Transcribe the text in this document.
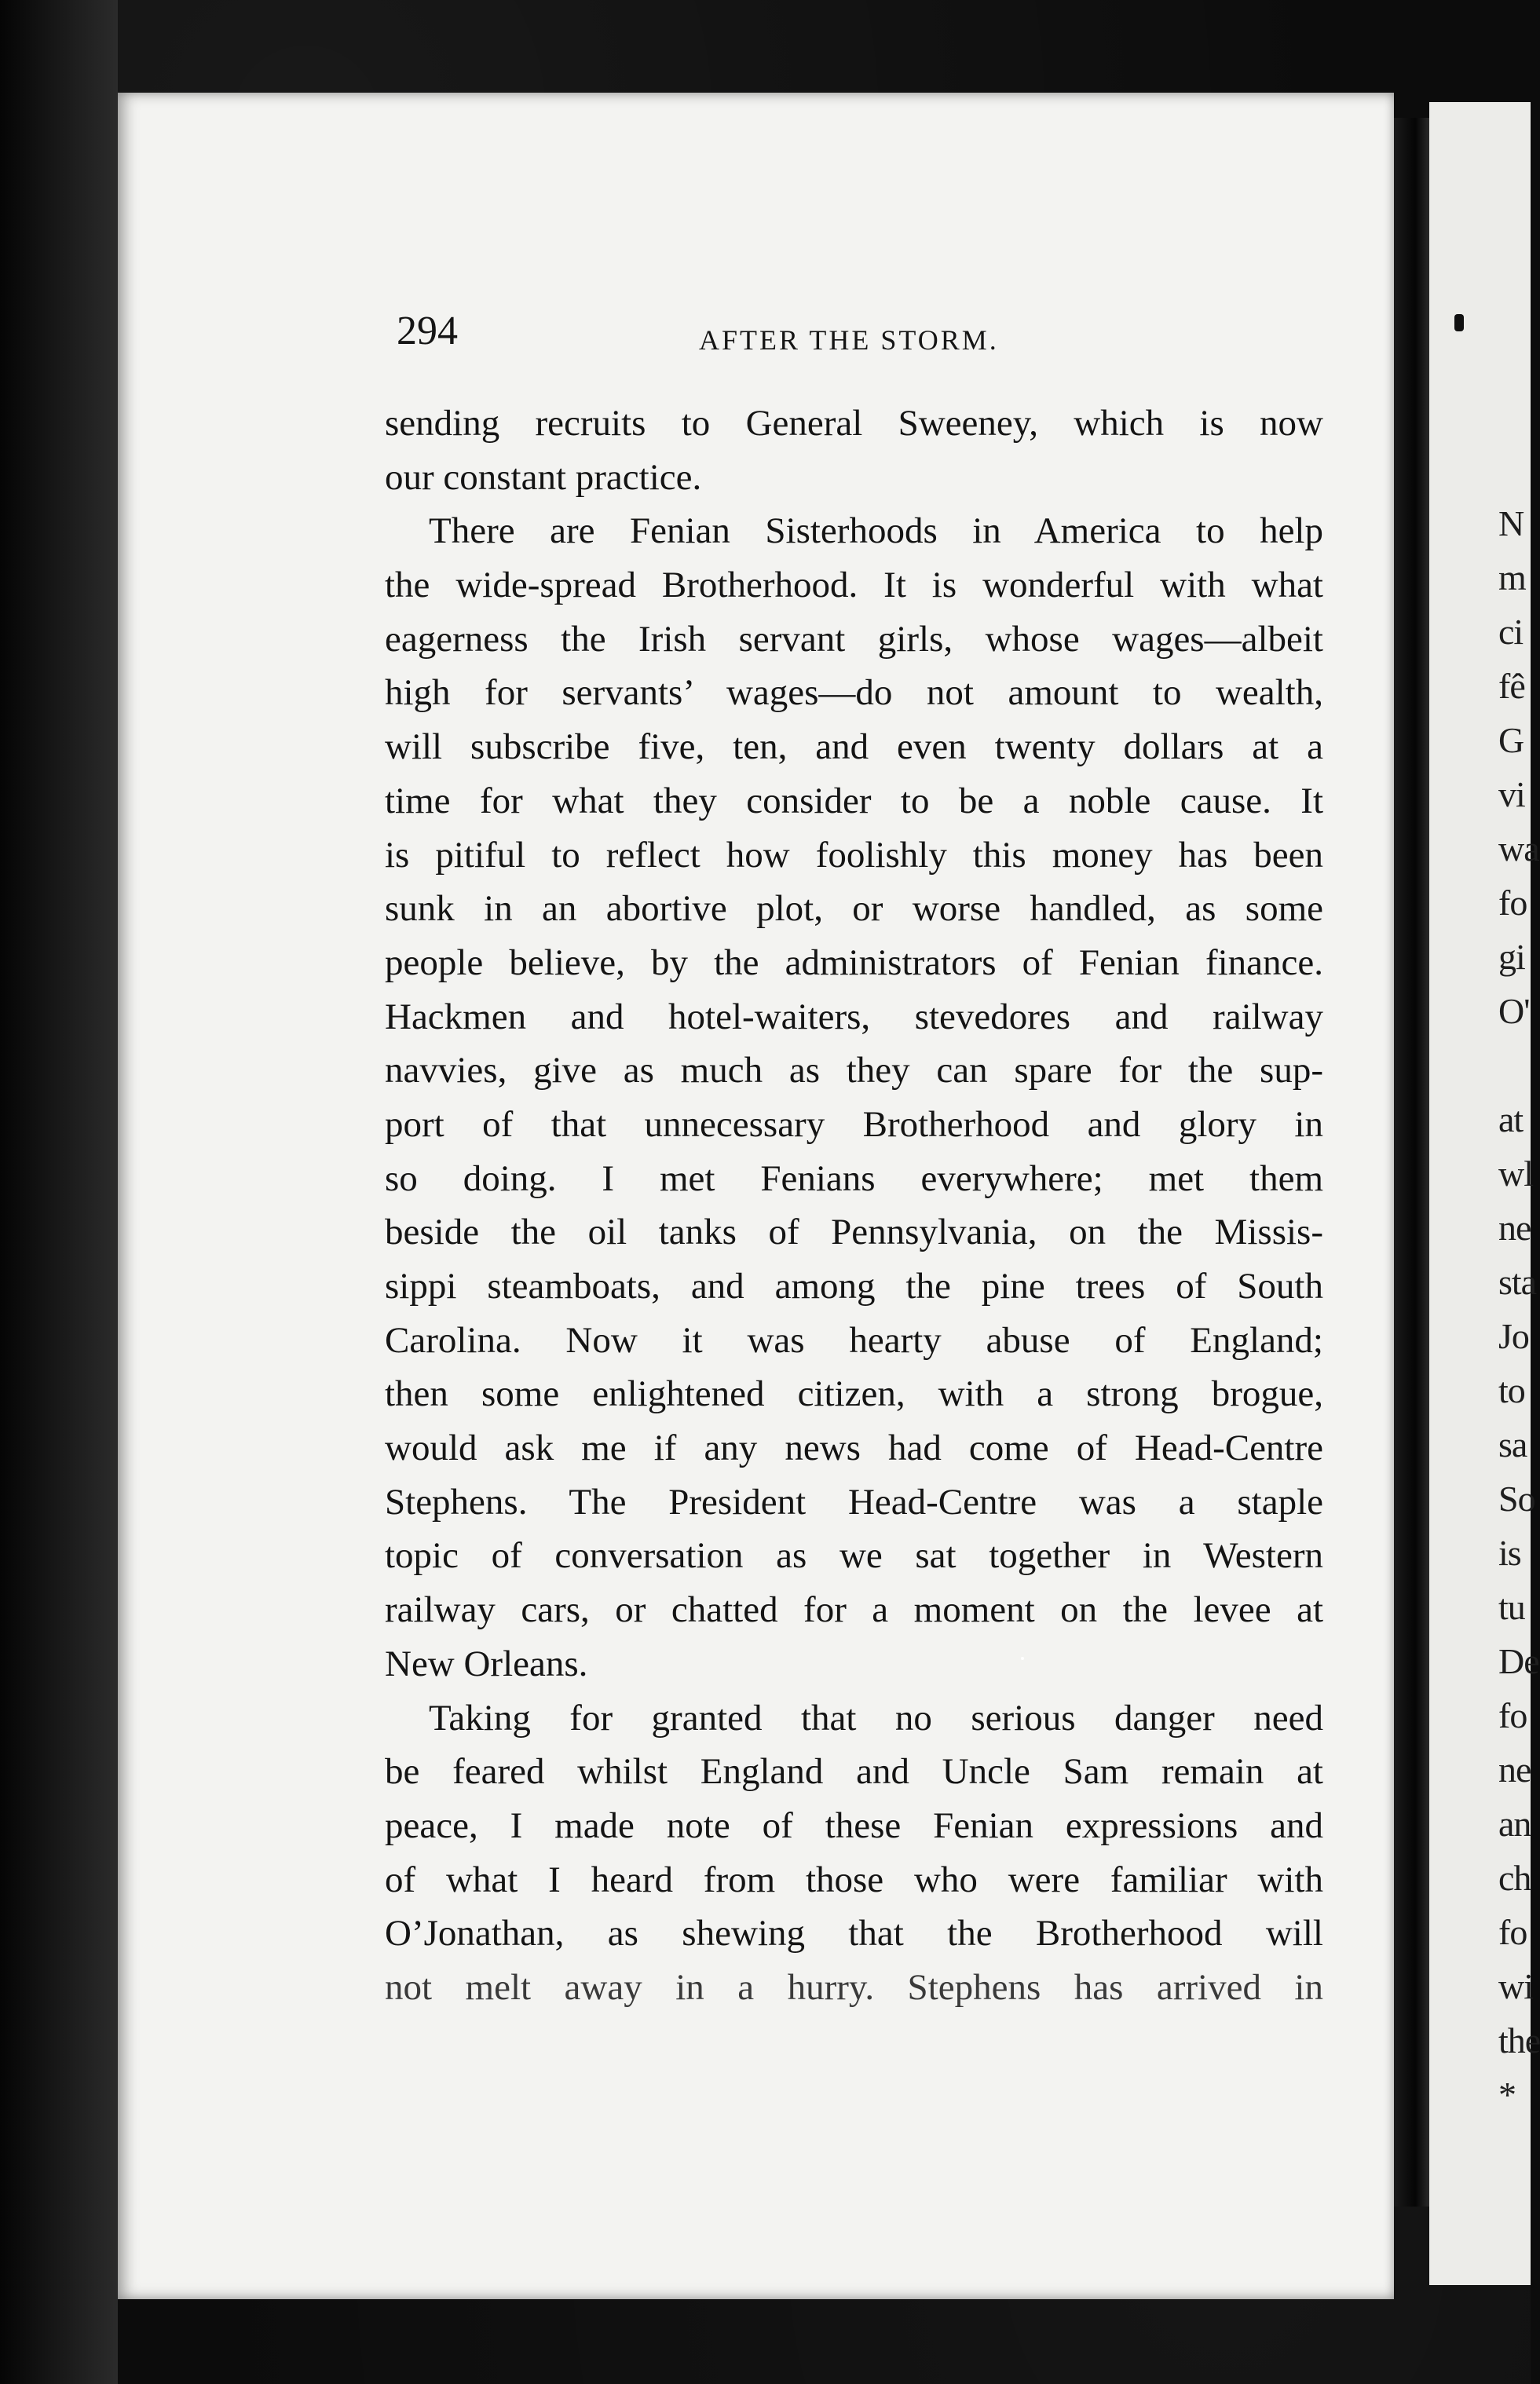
N
m
ci
fê
G
vi
wa
fo
gi
O'
at
wl
ne
sta
Jo
to
sa
So
is
tu
De
fo
ne
an
ch
fo
wi
the
*
294	AFTER THE STORM.
sending recruits to General Sweeney, which is now
our constant practice.
There are Fenian Sisterhoods in America to help
the wide-spread Brotherhood. It is wonderful with what
eagerness the Irish servant girls, whose wages—albeit
high for servants’ wages—do not amount to wealth,
will subscribe five, ten, and even twenty dollars at a
time for what they consider to be a noble cause. It
is pitiful to reflect how foolishly this money has been
sunk in an abortive plot, or worse handled, as some
people believe, by the administrators of Fenian finance.
Hackmen and hotel-waiters, stevedores and railway
navvies, give as much as they can spare for the sup-
port of that unnecessary Brotherhood and glory in
so doing. I met Fenians everywhere; met them
beside the oil tanks of Pennsylvania, on the Missis-
sippi steamboats, and among the pine trees of South
Carolina. Now it was hearty abuse of England;
then some enlightened citizen, with a strong brogue,
would ask me if any news had come of Head-Centre
Stephens. The President Head-Centre was a staple
topic of conversation as we sat together in Western
railway cars, or chatted for a moment on the levee at
New Orleans.
Taking for granted that no serious danger need
be feared whilst England and Uncle Sam remain at
peace, I made note of these Fenian expressions and
of what I heard from those who were familiar with
O’Jonathan, as shewing that the Brotherhood will
not melt away in a hurry. Stephens has arrived in
